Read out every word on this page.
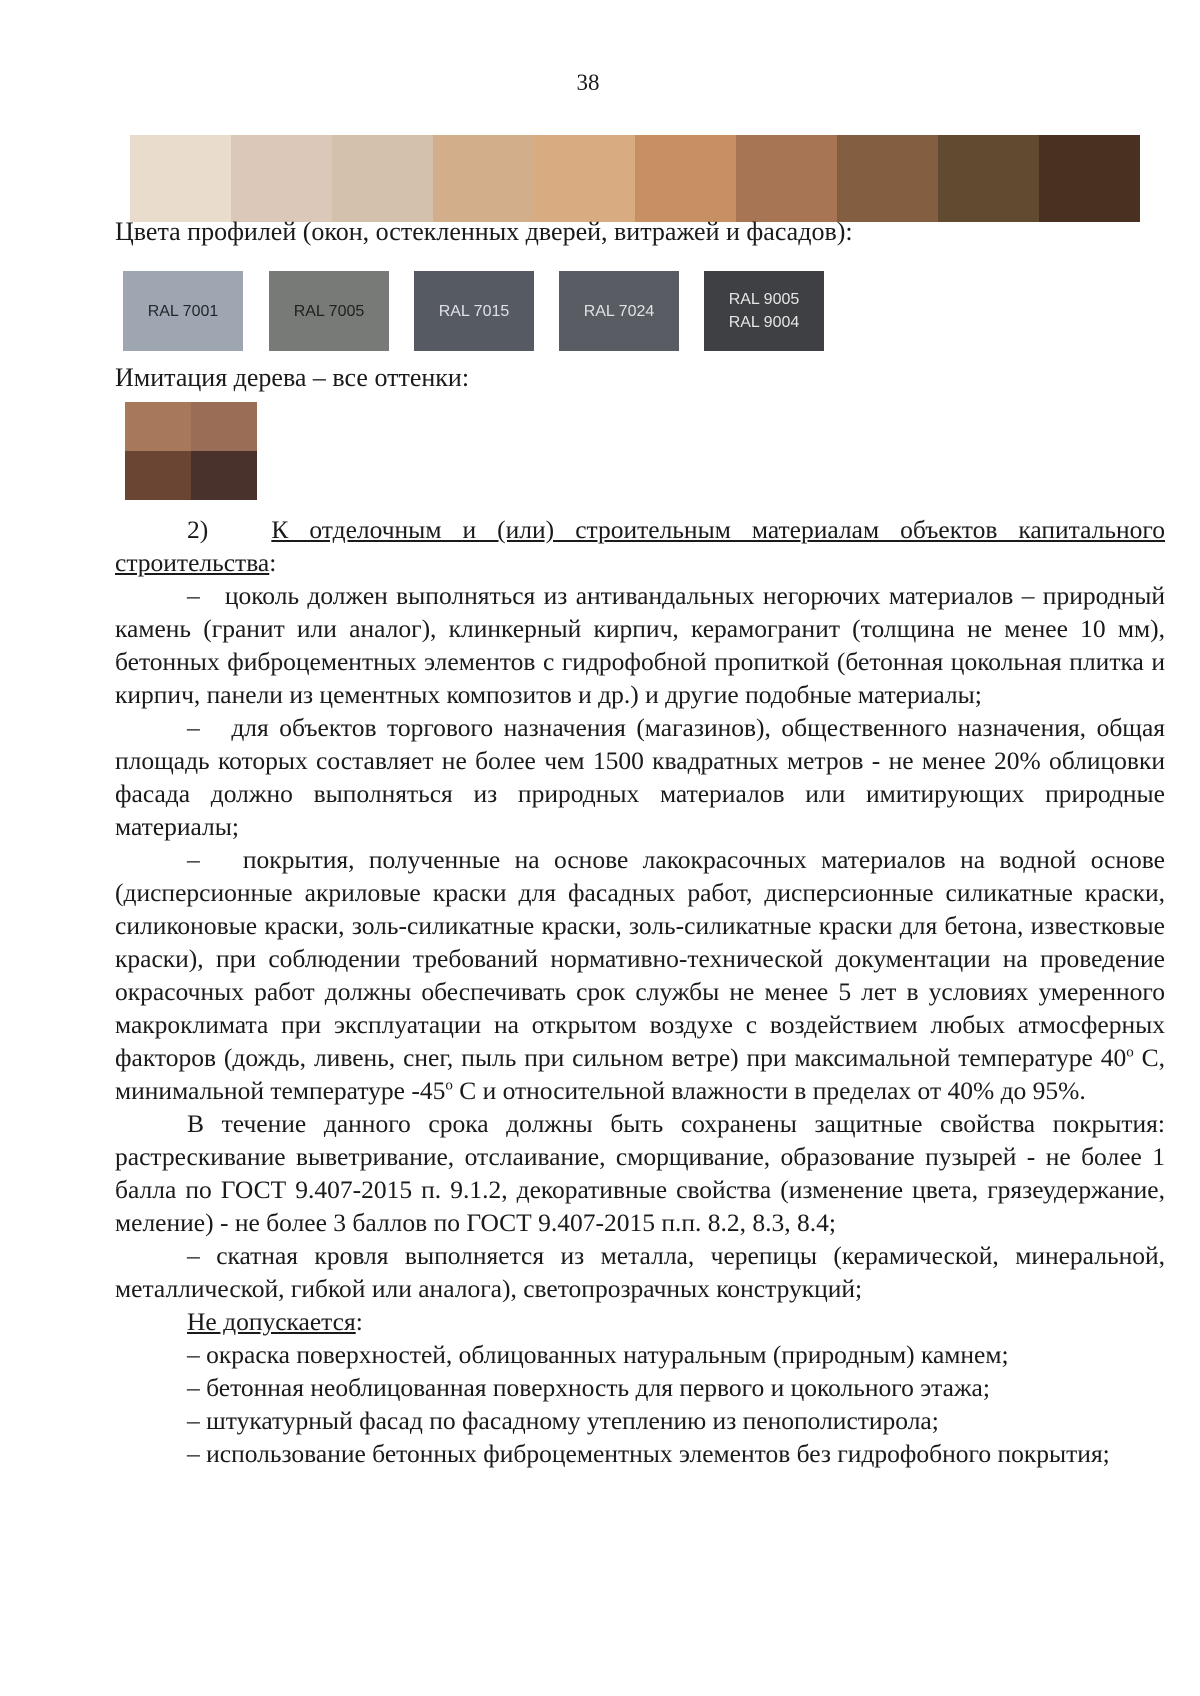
38
Цвета профилей (окон, остекленных дверей, витражей и фасадов):
RAL 7001	RAL 7005	RAL 7015	RAL 7024
RAL 9005
RAL 9004
Имитация дерева – все оттенки:

2) К отделочным и (или) строительным материалам объектов капитального строительства:

– цоколь должен выполняться из антивандальных негорючих материалов – природный камень (гранит или аналог), клинкерный кирпич, керамогранит (толщина не менее 10 мм), бетонных фиброцементных элементов с гидрофобной пропиткой (бетонная цокольная плитка и кирпич, панели из цементных композитов и др.) и другие подобные материалы;

– для объектов торгового назначения (магазинов), общественного назначения, общая площадь которых составляет не более чем 1500 квадратных метров - не менее 20% облицовки фасада должно выполняться из природных материалов или имитирующих природные материалы;

– покрытия, полученные на основе лакокрасочных материалов на водной основе (дисперсионные акриловые краски для фасадных работ, дисперсионные силикатные краски, силиконовые краски, золь-силикатные краски, золь-силикатные краски для бетона, известковые краски), при соблюдении требований нормативно-технической документации на проведение окрасочных работ должны обеспечивать срок службы не менее 5 лет в условиях умеренного макроклимата при эксплуатации на открытом воздухе с воздействием любых атмосферных факторов (дождь, ливень, снег, пыль при сильном ветре) при максимальной температуре $40^о$ С, минимальной температуре $-45^о$ С и относительной влажности в пределах от 40% до 95%.

В течение данного срока должны быть сохранены защитные свойства покрытия: растрескивание выветривание, отслаивание, сморщивание, образование пузырей - не более 1 балла по ГОСТ 9.407-2015 п. 9.1.2, декоративные свойства (изменение цвета, грязеудержание, меление) - не более 3 баллов по ГОСТ 9.407-2015 п.п. 8.2, 8.3, 8.4;

– скатная кровля выполняется из металла, черепицы (керамической, минеральной, металлической, гибкой или аналога), светопрозрачных конструкций;

Не допускается:

– окраска поверхностей, облицованных натуральным (природным) камнем;

– бетонная необлицованная поверхность для первого и цокольного этажа;

– штукатурный фасад по фасадному утеплению из пенополистирола;

– использование бетонных фиброцементных элементов без гидрофобного покрытия;
